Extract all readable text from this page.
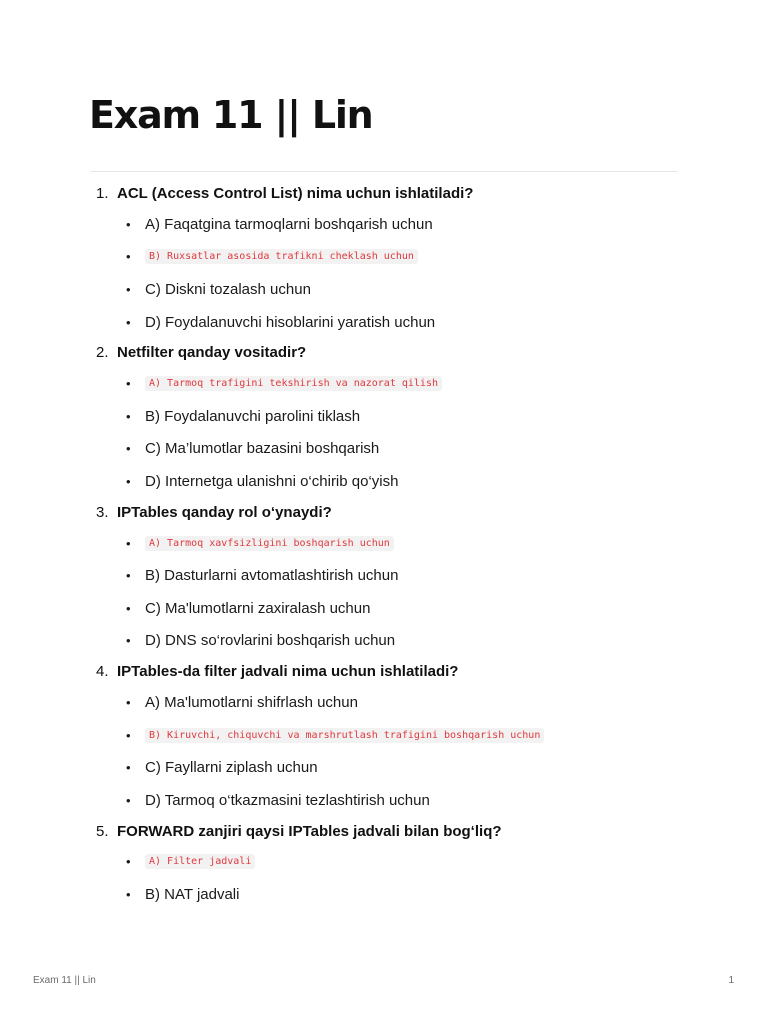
Exam 11 || Lin
1. ACL (Access Control List) nima uchun ishlatiladi?
• A) Faqatgina tarmoqlarni boshqarish uchun
•	B) Ruxsatlar asosida trafikni cheklash uchun
• C) Diskni tozalash uchun
• D) Foydalanuvchi hisoblarini yaratish uchun
2. Netfilter qanday vositadir?
•	A) Tarmoq trafigini tekshirish va nazorat qilish
• B) Foydalanuvchi parolini tiklash
• C) Ma’lumotlar bazasini boshqarish
• D) Internetga ulanishni o‘chirib qo‘yish
3. IPTables qanday rol o‘ynaydi?
•	A) Tarmoq xavfsizligini boshqarish uchun
• B) Dasturlarni avtomatlashtirish uchun
• C) Ma'lumotlarni zaxiralash uchun
• D) DNS so‘rovlarini boshqarish uchun
4. IPTables-da filter jadvali nima uchun ishlatiladi?
• A) Ma'lumotlarni shifrlash uchun
•	B) Kiruvchi, chiquvchi va marshrutlash trafigini boshqarish uchun
• C) Fayllarni ziplash uchun
• D) Tarmoq o‘tkazmasini tezlashtirish uchun
5. FORWARD zanjiri qaysi IPTables jadvali bilan bog‘liq?
•	A) Filter jadvali
• B) NAT jadvali
Exam 11 || Lin	1
